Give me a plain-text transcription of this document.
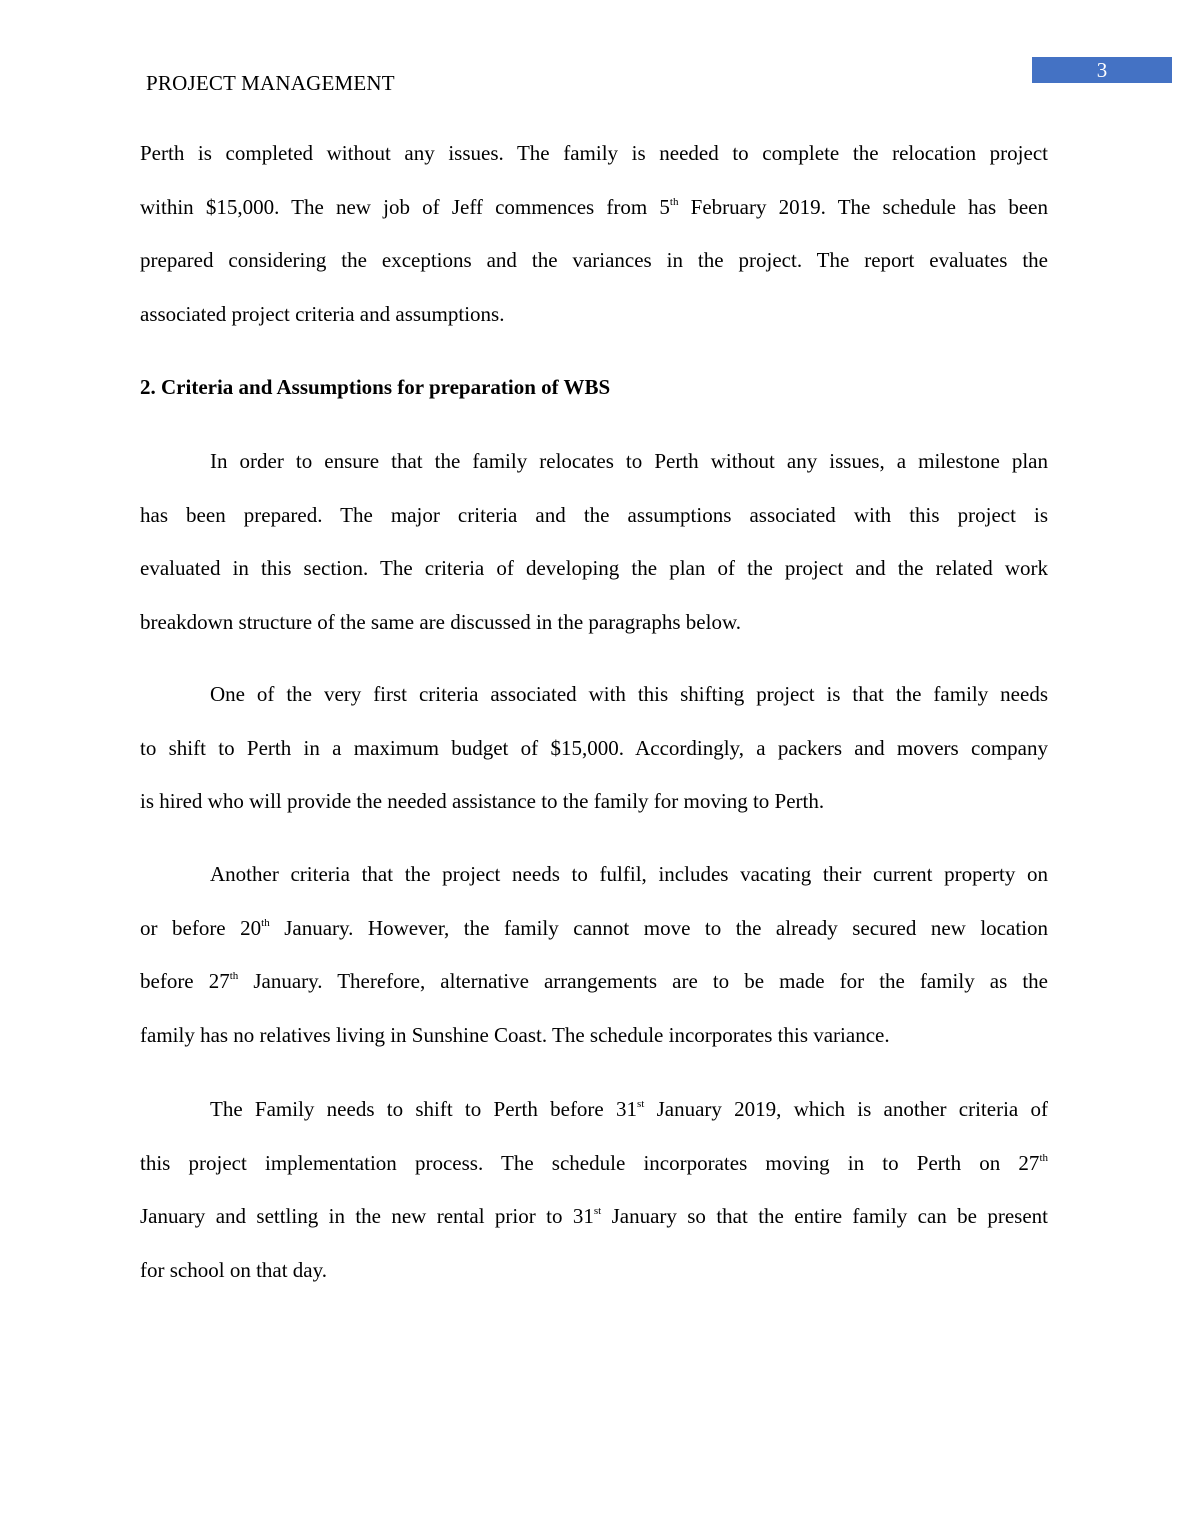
PROJECT MANAGEMENT
3
Perth is completed without any issues. The family is needed to complete the relocation project
within $15,000. The new job of Jeff commences from 5th February 2019. The schedule has been
prepared considering the exceptions and the variances in the project. The report evaluates the
associated project criteria and assumptions.
2. Criteria and Assumptions for preparation of WBS
In order to ensure that the family relocates to Perth without any issues, a milestone plan
has been prepared. The major criteria and the assumptions associated with this project is
evaluated in this section. The criteria of developing the plan of the project and the related work
breakdown structure of the same are discussed in the paragraphs below.
One of the very first criteria associated with this shifting project is that the family needs
to shift to Perth in a maximum budget of $15,000. Accordingly, a packers and movers company
is hired who will provide the needed assistance to the family for moving to Perth.
Another criteria that the project needs to fulfil, includes vacating their current property on
or before 20th January. However, the family cannot move to the already secured new location
before 27th January. Therefore, alternative arrangements are to be made for the family as the
family has no relatives living in Sunshine Coast. The schedule incorporates this variance.
The Family needs to shift to Perth before 31st January 2019, which is another criteria of
this project implementation process. The schedule incorporates moving in to Perth on 27th
January and settling in the new rental prior to 31st January so that the entire family can be present
for school on that day.
